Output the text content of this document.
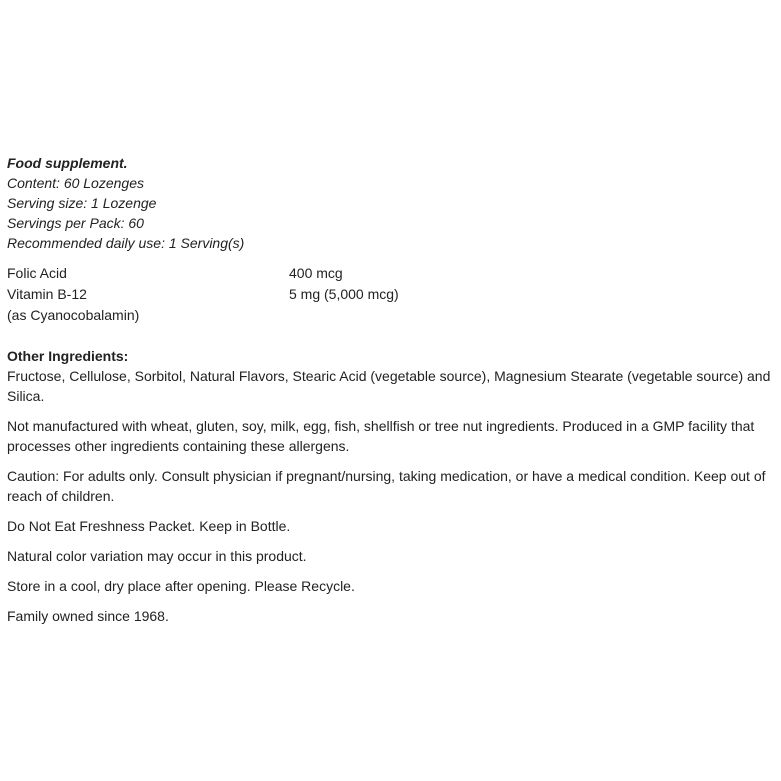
Food supplement.
Content: 60 Lozenges
Serving size: 1 Lozenge
Servings per Pack: 60
Recommended daily use: 1 Serving(s)
Folic Acid	400 mcg

Vitamin B-12
(as Cyanocobalamin)	5 mg (5,000 mcg)
Other Ingredients:
Fructose, Cellulose, Sorbitol, Natural Flavors, Stearic Acid (vegetable source), Magnesium Stearate (vegetable source) and Silica.
Not manufactured with wheat, gluten, soy, milk, egg, fish, shellfish or tree nut ingredients. Produced in a GMP facility that processes other ingredients containing these allergens.
Caution: For adults only. Consult physician if pregnant/nursing, taking medication, or have a medical condition. Keep out of reach of children.
Do Not Eat Freshness Packet. Keep in Bottle.
Natural color variation may occur in this product.
Store in a cool, dry place after opening. Please Recycle.
Family owned since 1968.
